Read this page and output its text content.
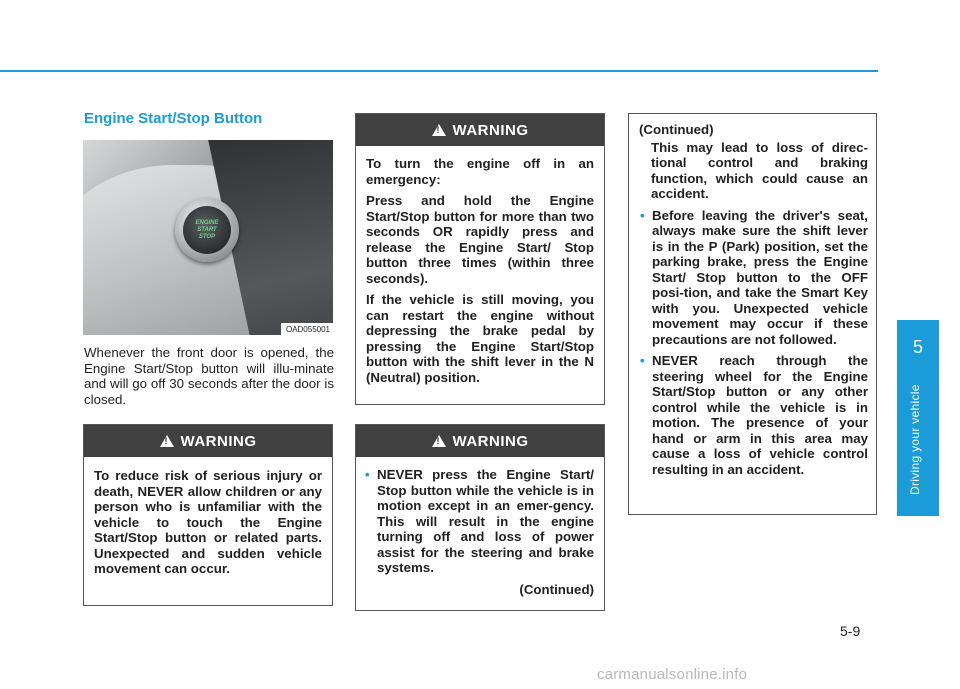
Engine Start/Stop Button
ENGINE
START
STOP
OAD055001
Whenever the front door is opened, the Engine Start/Stop button will illu-minate and will go off 30 seconds after the door is closed.
!
WARNING

To reduce risk of serious injury or death, NEVER allow children or any person who is unfamiliar with the vehicle to touch the Engine Start/Stop button or related parts. Unexpected and sudden vehicle movement can occur.

!
WARNING

To turn the engine off in an emergency:

Press and hold the Engine Start/Stop button for more than two seconds OR rapidly press and release the Engine Start/ Stop button three times (within three seconds).

If the vehicle is still moving, you can restart the engine without depressing the brake pedal by pressing the Engine Start/Stop button with the shift lever in the N (Neutral) position.

!
WARNING

• NEVER press the Engine Start/ Stop button while the vehicle is in motion except in an emer-gency. This will result in the engine turning off and loss of power assist for the steering and brake systems.

(Continued)

(Continued)
This may lead to loss of direc-tional control and braking function, which could cause an accident.
• Before leaving the driver's seat, always make sure the shift lever is in the P (Park) position, set the parking brake, press the Engine Start/ Stop button to the OFF posi-tion, and take the Smart Key with you. Unexpected vehicle movement may occur if these precautions are not followed.
• NEVER reach through the steering wheel for the Engine Start/Stop button or any other control while the vehicle is in motion. The presence of your hand or arm in this area may cause a loss of vehicle control resulting in an accident.
5
Driving your vehicle
5-9
carmanualsonline.info
